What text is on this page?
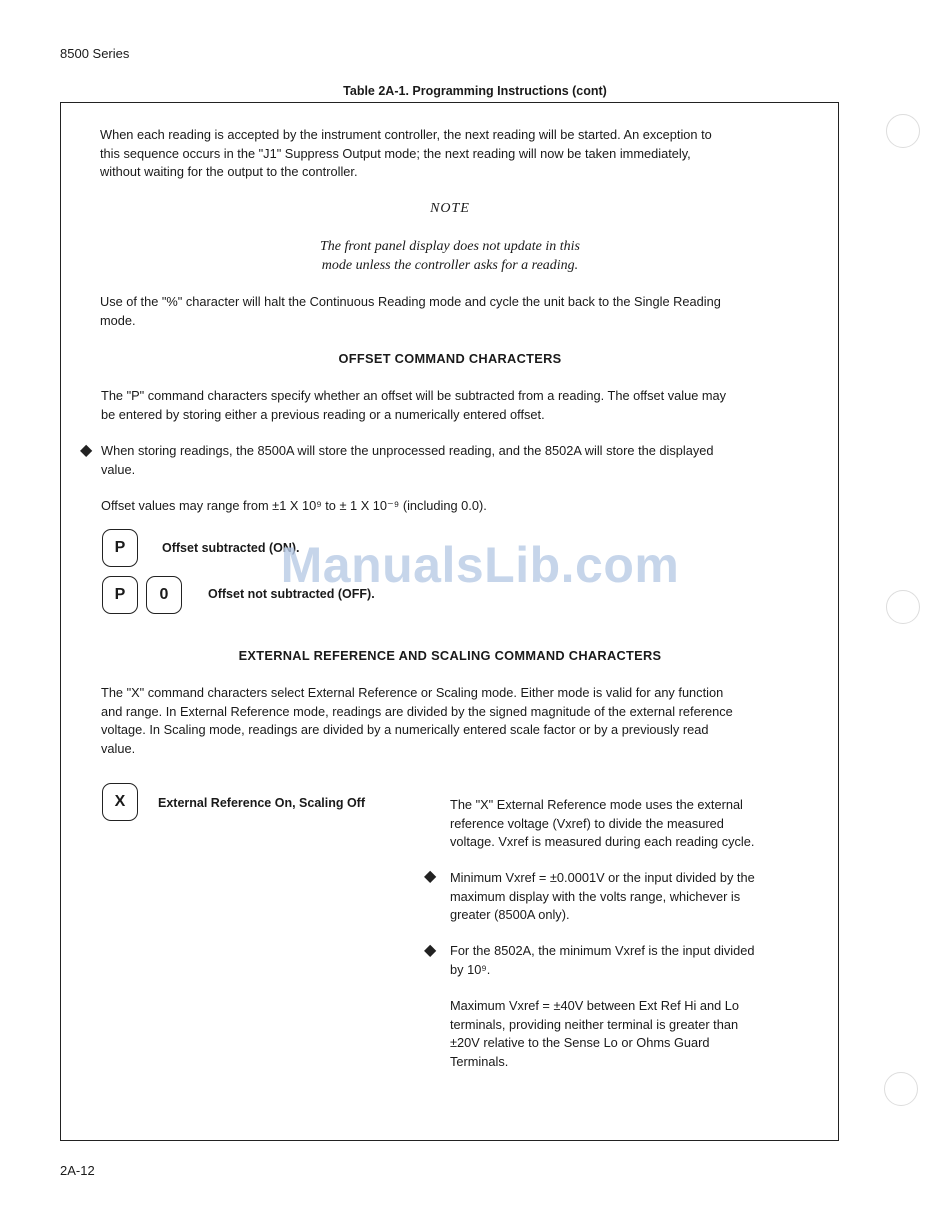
8500 Series
Table 2A-1. Programming Instructions (cont)
When each reading is accepted by the instrument controller, the next reading will be started. An exception to
this sequence occurs in the "J1" Suppress Output mode; the next reading will now be taken immediately,
without waiting for the output to the controller.
NOTE
The front panel display does not update in this
mode unless the controller asks for a reading.
Use of the "%" character will halt the Continuous Reading mode and cycle the unit back to the Single Reading
mode.
OFFSET COMMAND CHARACTERS
The "P" command characters specify whether an offset will be subtracted from a reading. The offset value may
be entered by storing either a previous reading or a numerically entered offset.
◆ When storing readings, the 8500A will store the unprocessed reading, and the 8502A will store the displayed
value.
Offset values may range from ±1 X 10⁹ to ± 1 X 10⁻⁹ (including 0.0).
P	Offset subtracted (ON).
P	0	Offset not subtracted (OFF).
EXTERNAL REFERENCE AND SCALING COMMAND CHARACTERS
The "X" command characters select External Reference or Scaling mode. Either mode is valid for any function
and range. In External Reference mode, readings are divided by the signed magnitude of the external reference
voltage. In Scaling mode, readings are divided by a numerically entered scale factor or by a previously read
value.
X	External Reference On, Scaling Off	The "X" External Reference mode uses the external
reference voltage (Vxref) to divide the measured
voltage. Vxref is measured during each reading cycle.
◆ Minimum Vxref = ±0.0001V or the input divided by the
maximum display with the volts range, whichever is
greater (8500A only).
◆ For the 8502A, the minimum Vxref is the input divided
by 10⁹.
Maximum Vxref = ±40V between Ext Ref Hi and Lo
terminals, providing neither terminal is greater than
±20V relative to the Sense Lo or Ohms Guard
Terminals.
ManualsLib.com
2A-12
